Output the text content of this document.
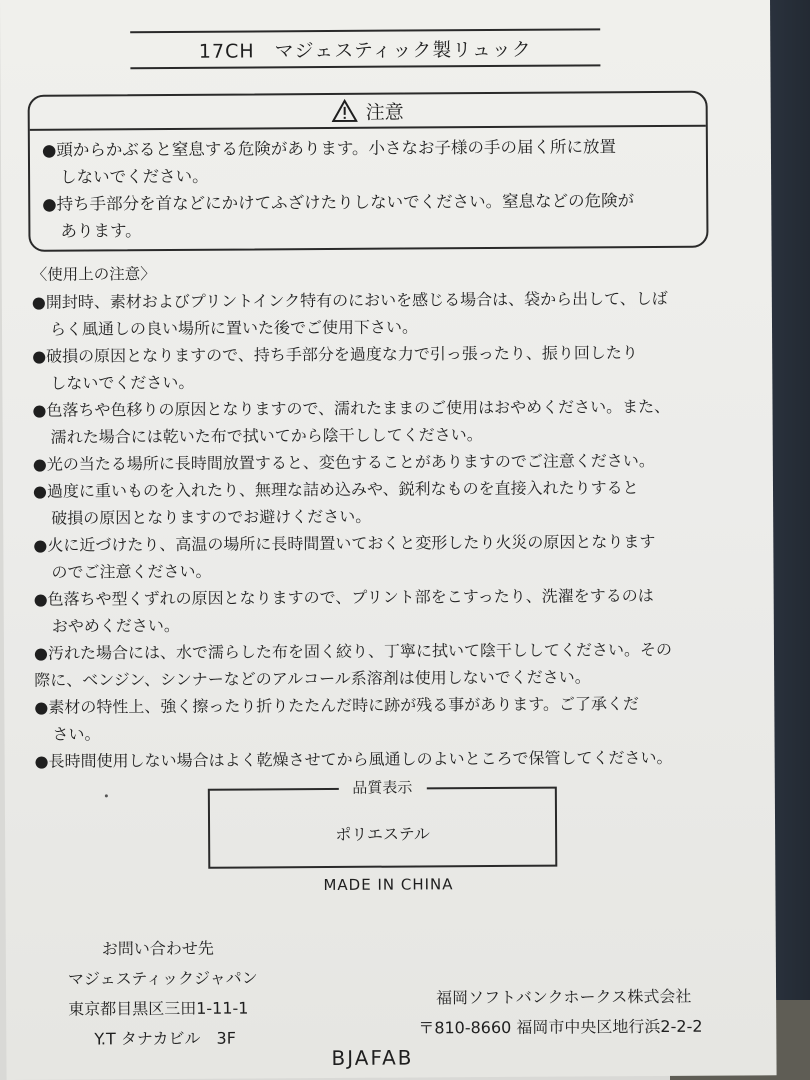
17CH　マジェスティック製リュック
注意
●頭からかぶると窒息する危険があります。小さなお子様の手の届く所に放置
しないでください。
●持ち手部分を首などにかけてふざけたりしないでください。窒息などの危険が
あります。
〈使用上の注意〉
●開封時、素材およびプリントインク特有のにおいを感じる場合は、袋から出して、しば
らく風通しの良い場所に置いた後でご使用下さい。
●破損の原因となりますので、持ち手部分を過度な力で引っ張ったり、振り回したり
しないでください。
●色落ちや色移りの原因となりますので、濡れたままのご使用はおやめください。また、
濡れた場合には乾いた布で拭いてから陰干ししてください。
●光の当たる場所に長時間放置すると、変色することがありますのでご注意ください。
●過度に重いものを入れたり、無理な詰め込みや、鋭利なものを直接入れたりすると
破損の原因となりますのでお避けください。
●火に近づけたり、高温の場所に長時間置いておくと変形したり火災の原因となります
のでご注意ください。
●色落ちや型くずれの原因となりますので、プリント部をこすったり、洗濯をするのは
おやめください。
●汚れた場合には、水で濡らした布を固く絞り、丁寧に拭いて陰干ししてください。その
際に、ベンジン、シンナーなどのアルコール系溶剤は使用しないでください。
●素材の特性上、強く擦ったり折りたたんだ時に跡が残る事があります。ご了承くだ
さい。
●長時間使用しない場合はよく乾燥させてから風通しのよいところで保管してください。
品質表示
ポリエステル
MADE IN CHINA
お問い合わせ先
マジェスティックジャパン
東京都目黒区三田1-11-1
Y.T タナカビル　3F
福岡ソフトバンクホークス株式会社
〒810-8660 福岡市中央区地行浜2-2-2
BJAFAB
